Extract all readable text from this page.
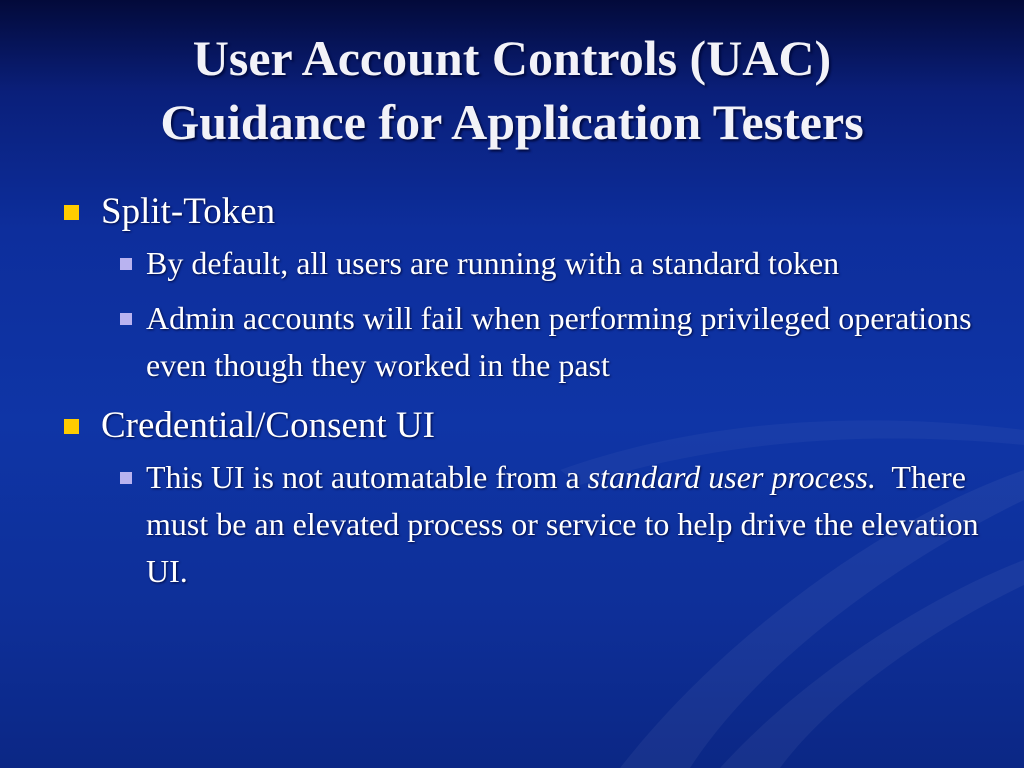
User Account Controls (UAC)
Guidance for Application Testers
Split-Token
By default, all users are running with a standard token
Admin accounts will fail when performing privileged operations even though they worked in the past
Credential/Consent UI
This UI is not automatable from a standard user process.  There must be an elevated process or service to help drive the elevation UI.
